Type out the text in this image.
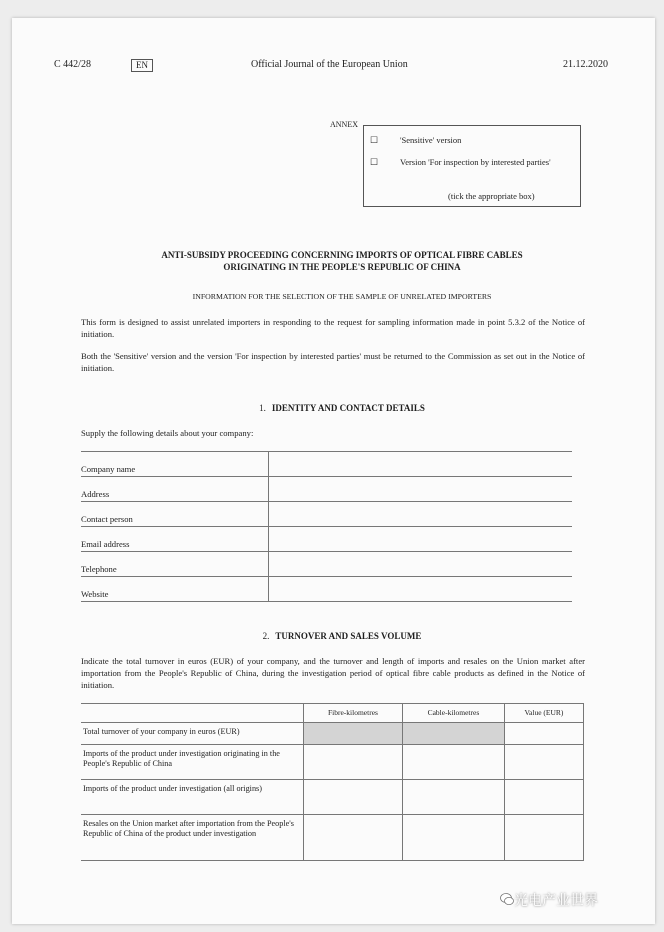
C 442/28	EN	Official Journal of the European Union	21.12.2020
ANNEX
☐	'Sensitive' version
☐	Version 'For inspection by interested parties'
(tick the appropriate box)
ANTI-SUBSIDY PROCEEDING CONCERNING IMPORTS OF OPTICAL FIBRE CABLES
ORIGINATING IN THE PEOPLE'S REPUBLIC OF CHINA
INFORMATION FOR THE SELECTION OF THE SAMPLE OF UNRELATED IMPORTERS
This form is designed to assist unrelated importers in responding to the request for sampling information made in point 5.3.2 of the Notice of initiation.
Both the 'Sensitive' version and the version 'For inspection by interested parties' must be returned to the Commission as set out in the Notice of initiation.
1. IDENTITY AND CONTACT DETAILS
Supply the following details about your company:
Company name	
Address	
Contact person	
Email address	
Telephone	
Website	
2. TURNOVER AND SALES VOLUME
Indicate the total turnover in euros (EUR) of your company, and the turnover and length of imports and resales on the Union market after importation from the People's Republic of China, during the investigation period of optical fibre cable products as defined in the Notice of initiation.
	Fibre-kilometres	Cable-kilometres	Value (EUR)
Total turnover of your company in euros (EUR)			
Imports of the product under investigation originating in the People's Republic of China			
Imports of the product under investigation (all origins)			
Resales on the Union market after importation from the People's Republic of China of the product under investigation			
光电产业世界
